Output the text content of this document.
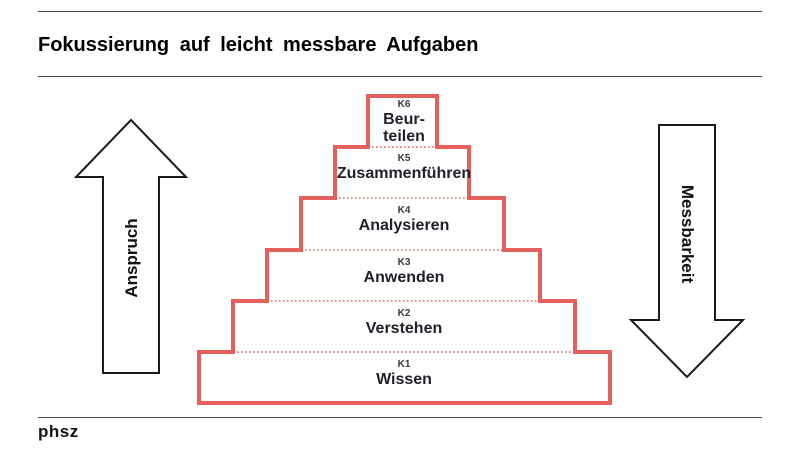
Fokussierung auf leicht messbare Aufgaben
K6
Beur-
teilen
K5
Zusammenführen
K4
Analysieren
K3
Anwenden
K2
Verstehen
K1
Wissen
Anspruch	Messbarkeit
phsz
